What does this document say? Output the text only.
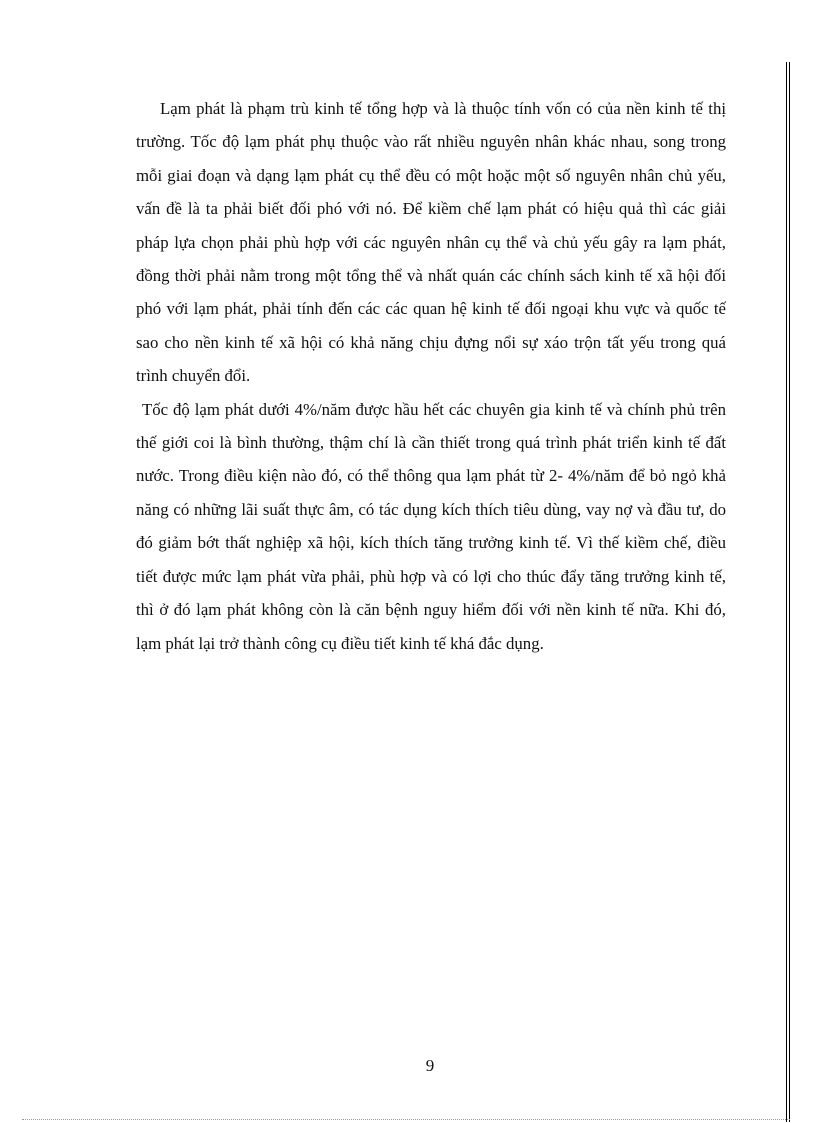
Lạm phát là phạm trù kinh tế tổng hợp và là thuộc tính vốn có của nền kinh tế thị trường. Tốc độ lạm phát phụ thuộc vào rất nhiều nguyên nhân khác nhau, song trong mỗi giai đoạn và dạng lạm phát cụ thể đều có một hoặc một số nguyên nhân chủ yếu, vấn đề là ta phải biết đối phó với nó. Để kiềm chế lạm phát có hiệu quả thì các giải pháp lựa chọn phải phù hợp với các nguyên nhân cụ thể và chủ yếu gây ra lạm phát, đồng thời phải nằm trong một tổng thể và nhất quán các chính sách kinh tế xã hội đối phó với lạm phát, phải tính đến các các quan hệ kinh tế đối ngoại khu vực và quốc tế sao cho nền kinh tế xã hội có khả năng chịu đựng nổi sự xáo trộn tất yếu trong quá trình chuyển đổi.

Tốc độ lạm phát dưới 4%/năm được hầu hết các chuyên gia kinh tế và chính phủ trên thế giới coi là bình thường, thậm chí là cần thiết trong quá trình phát triển kinh tế đất nước. Trong điều kiện nào đó, có thể thông qua lạm phát từ 2- 4%/năm để bỏ ngỏ khả năng có những lãi suất thực âm, có tác dụng kích thích tiêu dùng, vay nợ và đầu tư, do đó giảm bớt thất nghiệp xã hội, kích thích tăng trưởng kinh tế. Vì thế kiềm chế, điều tiết được mức lạm phát vừa phải, phù hợp và có lợi cho thúc đẩy tăng trưởng kinh tế, thì ở đó lạm phát không còn là căn bệnh nguy hiểm đối với nền kinh tế nữa. Khi đó, lạm phát lại trở thành công cụ điều tiết kinh tế khá đắc dụng.

9
